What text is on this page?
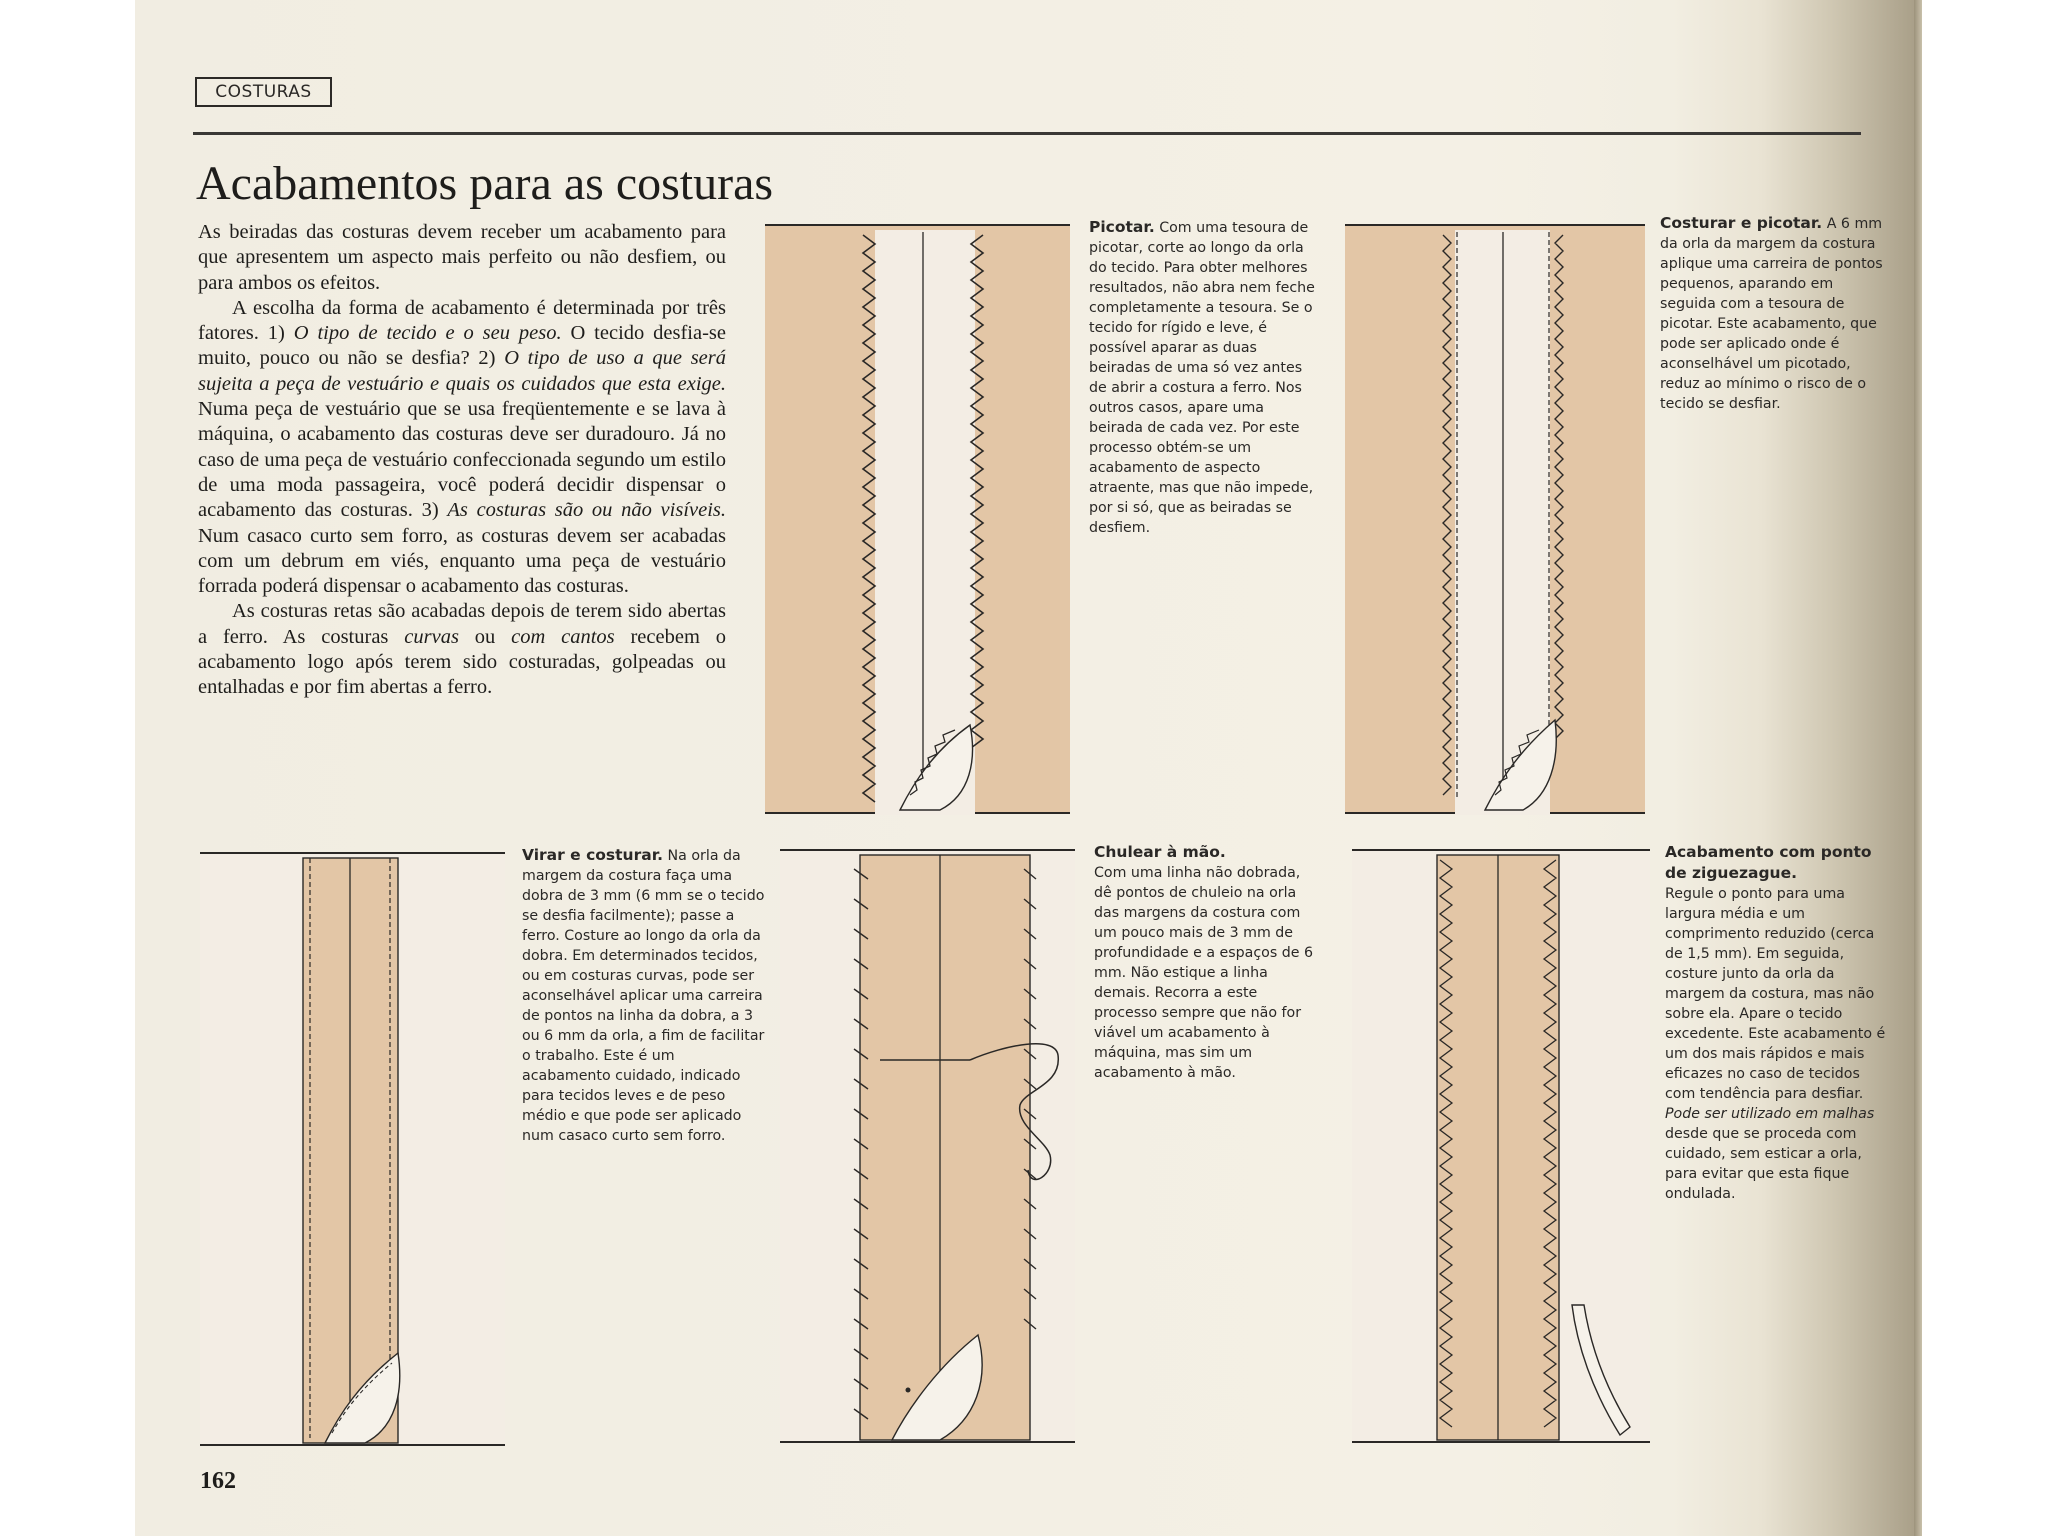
COSTURAS
Acabamentos para as costuras

As beiradas das costuras devem receber um acabamento para que apresentem um aspecto mais perfeito ou não desfiem, ou para ambos os efeitos.

A escolha da forma de acabamento é determinada por três fatores. 1) O tipo de tecido e o seu peso. O tecido desfia-se muito, pouco ou não se desfia? 2) O tipo de uso a que será sujeita a peça de vestuário e quais os cuidados que esta exige. Numa peça de vestuário que se usa freqüentemente e se lava à máquina, o acabamento das costuras deve ser duradouro. Já no caso de uma peça de vestuário confeccionada segundo um estilo de uma moda passageira, você poderá decidir dispensar o acabamento das costuras. 3) As costuras são ou não visíveis. Num casaco curto sem forro, as costuras devem ser acabadas com um debrum em viés, enquanto uma peça de vestuário forrada poderá dispensar o acabamento das costuras.

As costuras retas são acabadas depois de terem sido abertas a ferro. As costuras curvas ou com cantos recebem o acabamento logo após terem sido costuradas, golpeadas ou entalhadas e por fim abertas a ferro.

Picotar. Com uma tesoura de picotar, corte ao longo da orla do tecido. Para obter melhores resultados, não abra nem feche completamente a tesoura. Se o tecido for rígido e leve, é possível aparar as duas beiradas de uma só vez antes de abrir a costura a ferro. Nos outros casos, apare uma beirada de cada vez. Por este processo obtém-se um acabamento de aspecto atraente, mas que não impede, por si só, que as beiradas se desfiem.

Costurar e picotar. A 6 mm da orla da margem da costura aplique uma carreira de pontos pequenos, aparando em seguida com a tesoura de picotar. Este acabamento, que pode ser aplicado onde é aconselhável um picotado, reduz ao mínimo o risco de o tecido se desfiar.

Virar e costurar. Na orla da margem da costura faça uma dobra de 3 mm (6 mm se o tecido se desfia facilmente); passe a ferro. Costure ao longo da orla da dobra. Em determinados tecidos, ou em costuras curvas, pode ser aconselhável aplicar uma carreira de pontos na linha da dobra, a 3 ou 6 mm da orla, a fim de facilitar o trabalho. Este é um acabamento cuidado, indicado para tecidos leves e de peso médio e que pode ser aplicado num casaco curto sem forro.

Chulear à mão.
Com uma linha não dobrada, dê pontos de chuleio na orla das margens da costura com um pouco mais de 3 mm de profundidade e a espaços de 6 mm. Não estique a linha demais. Recorra a este processo sempre que não for viável um acabamento à máquina, mas sim um acabamento à mão.

Acabamento com ponto de ziguezague.
Regule o ponto para uma largura média e um comprimento reduzido (cerca de 1,5 mm). Em seguida, costure junto da orla da margem da costura, mas não sobre ela. Apare o tecido excedente. Este acabamento é um dos mais rápidos e mais eficazes no caso de tecidos com tendência para desfiar. Pode ser utilizado em malhas desde que se proceda com cuidado, sem esticar a orla, para evitar que esta fique ondulada.

162
